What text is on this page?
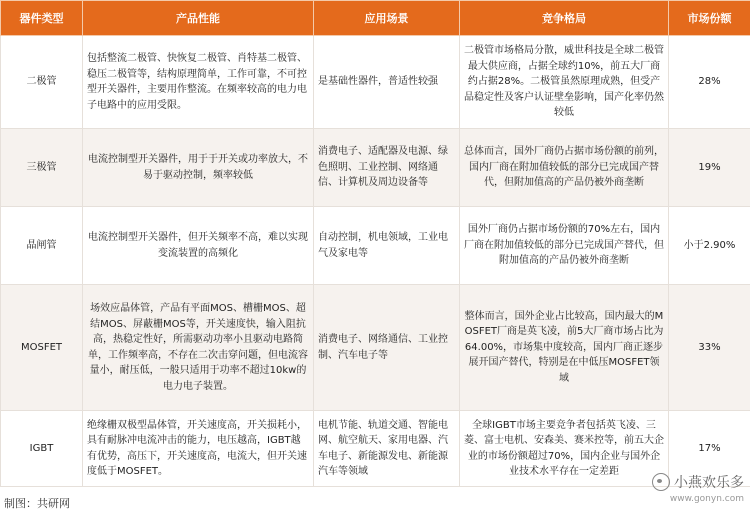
器件类型	产品性能	应用场景	竞争格局	市场份额
二极管	包括整流二极管、快恢复二极管、肖特基二极管、稳压二极管等，结构原理简单，工作可靠，不可控型开关器件，主要用作整流。在频率较高的电力电子电路中的应用受限。	是基础性器件，普适性较强	二极管市场格局分散，威世科技是全球二极管最大供应商，占据全球约10%，前五大厂商约占据28%。二极管虽然原理成熟，但受产品稳定性及客户认证壁垒影响，国产化率仍然较低	28%
三极管	电流控制型开关器件，用于于开关或功率放大，不易于驱动控制，频率较低	消费电子、适配器及电源、绿色照明、工业控制、网络通信、计算机及周边设备等	总体而言，国外厂商仍占据市场份额的前列，国内厂商在附加值较低的部分已完成国产替代，但附加值高的产品仍被外商垄断	19%
晶闸管	电流控制型开关器件，但开关频率不高，难以实现变流装置的高频化	自动控制，机电领域，工业电气及家电等	国外厂商仍占据市场份额的70%左右，国内厂商在附加值较低的部分已完成国产替代，但附加值高的产品仍被外商垄断	小于2.90%
MOSFET	场效应晶体管，产品有平面MOS、槽栅MOS、超结MOS、屏蔽栅MOS等，开关速度快，输入阻抗高，热稳定性好，所需驱动功率小且驱动电路简单，工作频率高，不存在二次击穿问题，但电流容量小，耐压低，一般只适用于功率不超过10kw的电力电子装置。	消费电子、网络通信、工业控制、汽车电子等	整体而言，国外企业占比较高，国内最大的MOSFET厂商是英飞凌，前5大厂商市场占比为64.00%，市场集中度较高，国内厂商正逐步展开国产替代，特别是在中低压MOSFET领域	33%
IGBT	绝缘栅双极型晶体管，开关速度高，开关损耗小，具有耐脉冲电流冲击的能力，电压越高，IGBT越有优势，高压下，开关速度高，电流大，但开关速度低于MOSFET。	电机节能、轨道交通、智能电网、航空航天、家用电器、汽车电子、新能源发电、新能源汽车等领域	全球IGBT市场主要竞争者包括英飞凌、三菱、富士电机、安森美、赛米控等，前五大企业的市场份额超过70%，国内企业与国外企业技术水平存在一定差距	17%
制图：共研网
小燕欢乐多
www.gonyn.com
